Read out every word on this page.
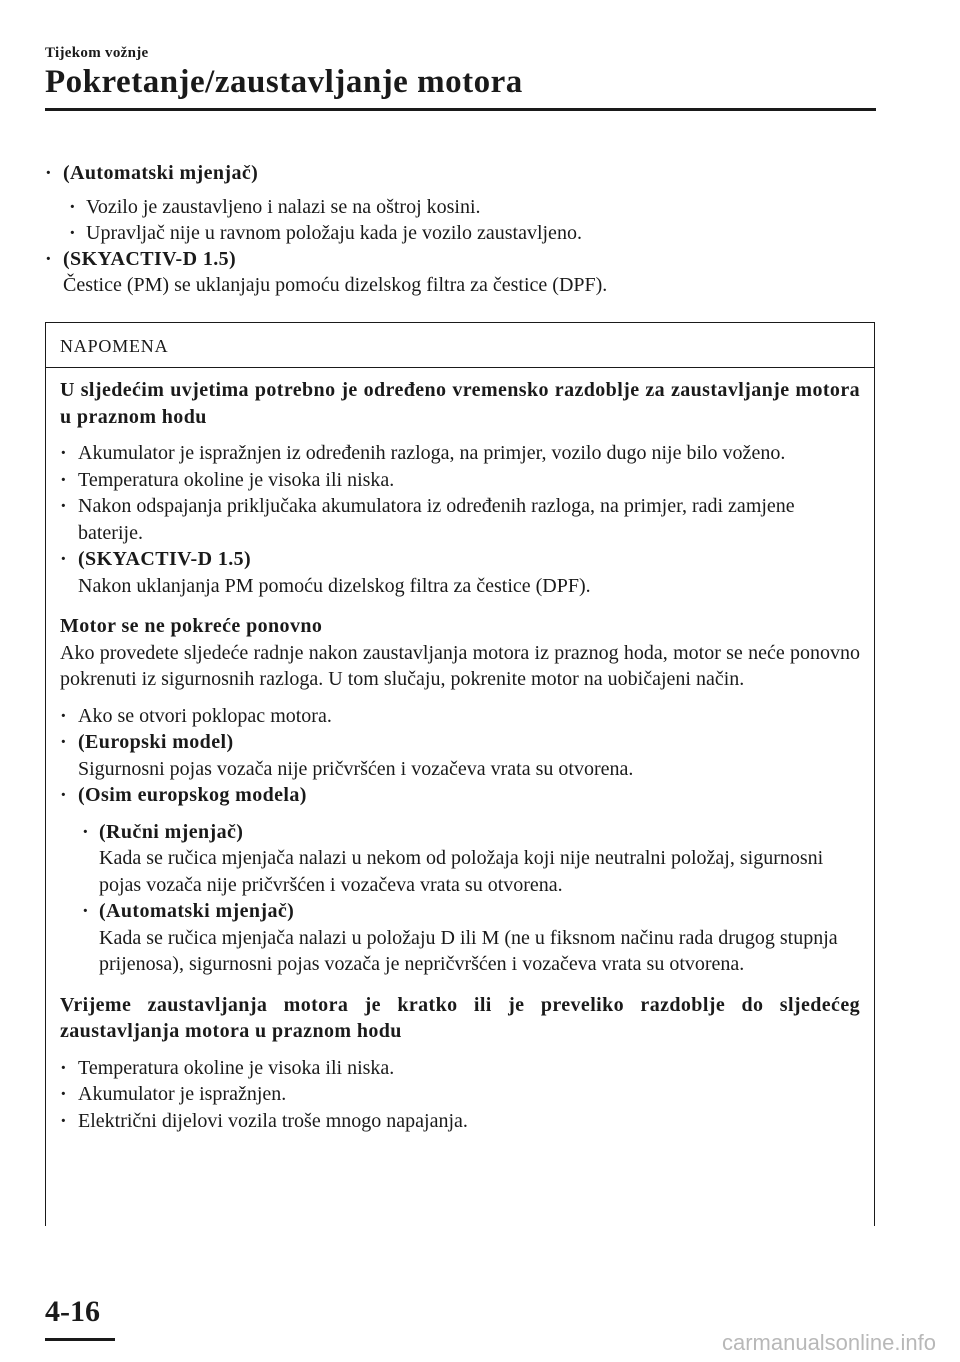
Tijekom vožnje
Pokretanje/zaustavljanje motora
· (Automatski mjenjač)
· Vozilo je zaustavljeno i nalazi se na oštroj kosini.
· Upravljač nije u ravnom položaju kada je vozilo zaustavljeno.
· (SKYACTIV-D 1.5)
Čestice (PM) se uklanjaju pomoću dizelskog filtra za čestice (DPF).
NAPOMENA
U sljedećim uvjetima potrebno je određeno vremensko razdoblje za zaustavljanje motora u praznom hodu
· Akumulator je ispražnjen iz određenih razloga, na primjer, vozilo dugo nije bilo voženo.
· Temperatura okoline je visoka ili niska.
· Nakon odspajanja priključaka akumulatora iz određenih razloga, na primjer, radi zamjene baterije.
· (SKYACTIV-D 1.5)
Nakon uklanjanja PM pomoću dizelskog filtra za čestice (DPF).
Motor se ne pokreće ponovno
Ako provedete sljedeće radnje nakon zaustavljanja motora iz praznog hoda, motor se neće ponovno pokrenuti iz sigurnosnih razloga. U tom slučaju, pokrenite motor na uobičajeni način.
· Ako se otvori poklopac motora.
· (Europski model)
Sigurnosni pojas vozača nije pričvršćen i vozačeva vrata su otvorena.
· (Osim europskog modela)
· (Ručni mjenjač)
Kada se ručica mjenjača nalazi u nekom od položaja koji nije neutralni položaj, sigurnosni pojas vozača nije pričvršćen i vozačeva vrata su otvorena.
· (Automatski mjenjač)
Kada se ručica mjenjača nalazi u položaju D ili M (ne u fiksnom načinu rada drugog stupnja prijenosa), sigurnosni pojas vozača je nepričvršćen i vozačeva vrata su otvorena.
Vrijeme zaustavljanja motora je kratko ili je preveliko razdoblje do sljedećeg zaustavljanja motora u praznom hodu
· Temperatura okoline je visoka ili niska.
· Akumulator je ispražnjen.
· Električni dijelovi vozila troše mnogo napajanja.
4-16
carmanualsonline.info
